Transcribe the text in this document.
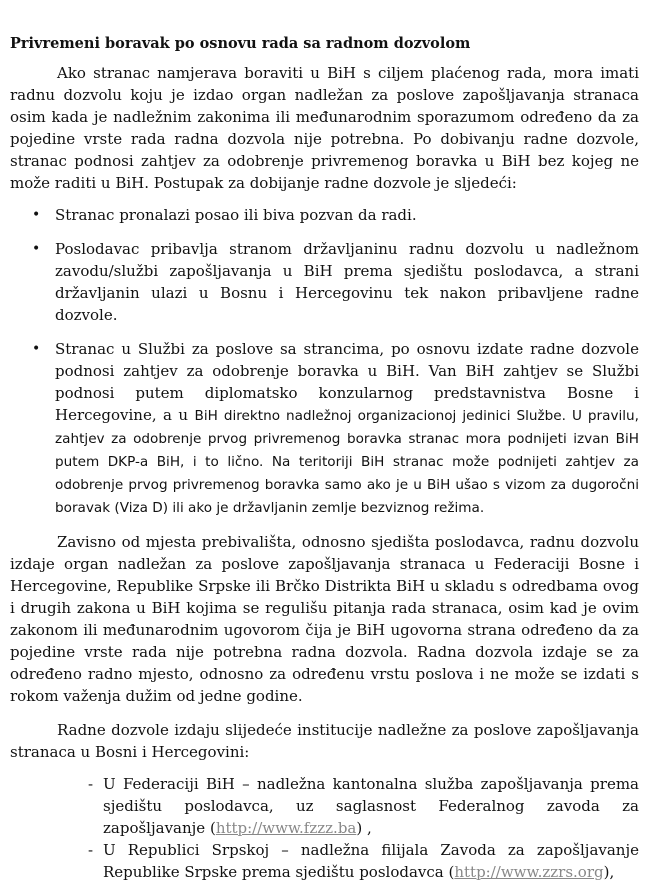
Privremeni boravak po osnovu rada sa radnom dozvolom

Ako stranac namjerava boraviti u BiH s ciljem plaćenog rada, mora imati radnu dozvolu koju je izdao organ nadležan za poslove zapošljavanja stranaca osim kada je nadležnim zakonima ili međunarodnim sporazumom određeno da za pojedine vrste rada radna dozvola nije potrebna. Po dobivanju radne dozvole, stranac podnosi zahtjev za odobrenje privremenog boravka u BiH bez kojeg ne može raditi u BiH. Postupak za dobijanje radne dozvole je sljedeći:

• Stranac pronalazi posao ili biva pozvan da radi.
• Poslodavac pribavlja stranom državljaninu radnu dozvolu u nadležnom zavodu/službi zapošljavanja u BiH prema sjedištu poslodavca, a strani državljanin ulazi u Bosnu i Hercegovinu tek nakon pribavljene radne dozvole.
• Stranac u Službi za poslove sa strancima, po osnovu izdate radne dozvole podnosi zahtjev za odobrenje boravka u BiH. Van BiH zahtjev se Službi podnosi putem diplomatsko konzularnog predstavnistva Bosne i Hercegovine, a u BiH direktno nadležnoj organizacionoj jedinici Službe. U pravilu, zahtjev za odobrenje prvog privremenog boravka stranac mora podnijeti izvan BiH putem DKP-a BiH, i to lično. Na teritoriji BiH stranac može podnijeti zahtjev za odobrenje prvog privremenog boravka samo ako je u BiH ušao s vizom za dugoročni boravak (Viza D) ili ako je državljanin zemlje bezviznog režima.

Zavisno od mjesta prebivališta, odnosno sjedišta poslodavca, radnu dozvolu izdaje organ nadležan za poslove zapošljavanja stranaca u Federaciji Bosne i Hercegovine, Republike Srpske ili Brčko Distrikta BiH u skladu s odredbama ovog i drugih zakona u BiH kojima se regulišu pitanja rada stranaca, osim kad je ovim zakonom ili međunarodnim ugovorom čija je BiH ugovorna strana određeno da za pojedine vrste rada nije potrebna radna dozvola. Radna dozvola izdaje se za određeno radno mjesto, odnosno za određenu vrstu poslova i ne može se izdati s rokom važenja dužim od jedne godine.

Radne dozvole izdaju slijedeće institucije nadležne za poslove zapošljavanja stranaca u Bosni i Hercegovini:

- U Federaciji BiH – nadležna kantonalna služba zapošljavanja prema sjedištu poslodavca, uz saglasnost Federalnog zavoda za zapošljavanje (http://www.fzzz.ba) ,
- U Republici Srpskoj – nadležna filijala Zavoda za zapošljavanje Republike Srpske prema sjedištu poslodavca (http://www.zzrs.org),
